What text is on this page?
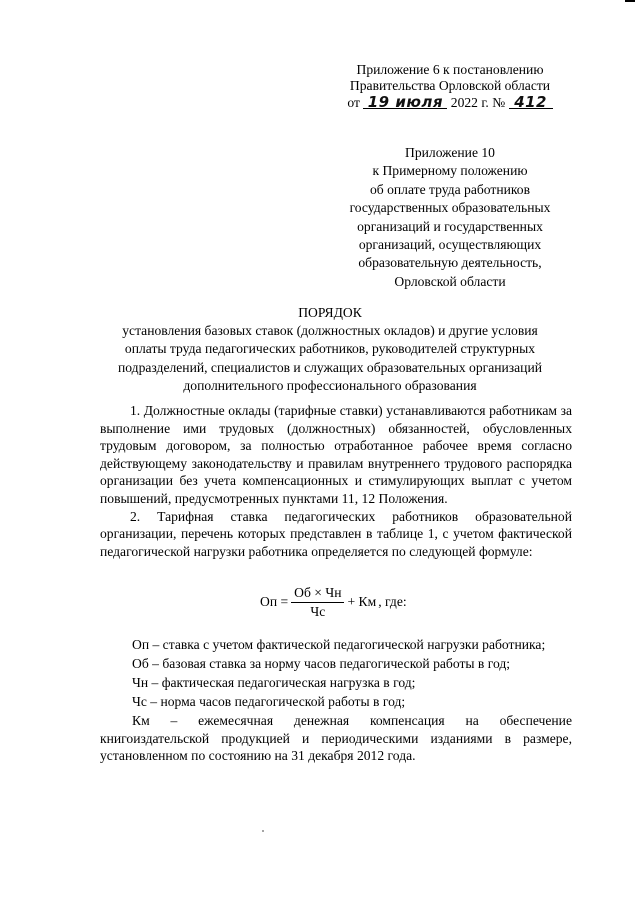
Приложение 6 к постановлению
Правительства Орловской области
от 19 июля 2022 г. № 412
Приложение 10
к Примерному положению
об оплате труда работников
государственных образовательных
организаций и государственных
организаций, осуществляющих
образовательную деятельность,
Орловской области
ПОРЯДОК
установления базовых ставок (должностных окладов) и другие условия
оплаты труда педагогических работников, руководителей структурных
подразделений, специалистов и служащих образовательных организаций
дополнительного профессионального образования

1. Должностные оклады (тарифные ставки) устанавливаются работникам за выполнение ими трудовых (должностных) обязанностей, обусловленных трудовым договором, за полностью отработанное рабочее время согласно действующему законодательству и правилам внутреннего трудового распорядка организации без учета компенсационных и стимулирующих выплат с учетом повышений, предусмотренных пунктами 11, 12 Положения.

2. Тарифная ставка педагогических работников образовательной организации, перечень которых представлен в таблице 1, с учетом фактической педагогической нагрузки работника определяется по следующей формуле:

Оп = $\frac{Об \times Чн}{Чс}$ + Км , где:
Оп – ставка с учетом фактической педагогической нагрузки работника;
Об – базовая ставка за норму часов педагогической работы в год;
Чн – фактическая педагогическая нагрузка в год;
Чс – норма часов педагогической работы в год;

Км – ежемесячная денежная компенсация на обеспечение книгоиздательской продукцией и периодическими изданиями в размере, установленном по состоянию на 31 декабря 2012 года.
